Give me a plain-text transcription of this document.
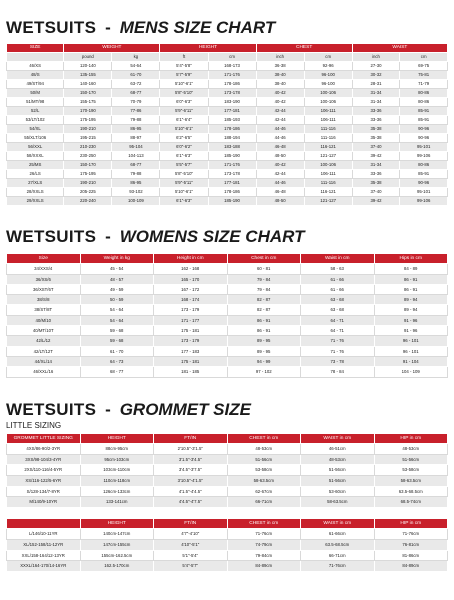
WETSUITS - MENS SIZE CHART
SIZE	WEIGHT		HEIGHT		CHEST		WAIST	
	pound	kg	ft	cm	inch	cm	inch	cm
46/XS	120-140	54-64	5'4"-5'8"	168-173	36-38	92-96	27-30	69-75
48/S	135-155	61-70	5'7"-5'9"	171-176	38-40	96-100	30-32	75-81
49/ST/94	140-160	63-72	5'10"-6'1"	178-186	38-40	96-100	28-31	71-79
50/M	150-170	68-77	5'8"-5'10"	173-178	40-42	100-106	31-34	80-86
51/MT/98	155-175	70-79	6'0"-6'3"	183-190	40-42	100-106	31-34	80-86
52/L	170-190	77-86	5'9"-6'11"	177-181	42-44	106-111	33-36	85-91
53/LT/102	175-195	79-88	6'1"-6'4"	185-193	42-44	106-111	33-36	85-91
54/XL	190-210	86-95	5'10"-6'1"	178-186	44-46	111-116	35-38	90-96
55/XLT/106	195-215	88-97	6'2"-6'5"	188-194	44-46	111-116	35-38	90-96
56/XXL	210-230	95-104	6'0"-6'2"	183-188	46-48	116-121	37-40	95-101
58/XXXL	230-250	104-113	6'1"-6'3"	185-190	48-50	121-127	39-42	99-106
25/MS	150-170	68-77	5'5"-5'7"	171-176	40-42	100-106	31-34	80-86
26/LS	175-195	79-88	5'8"-5'10"	173-178	42-44	106-111	33-36	85-91
27/XLS	190-210	86-95	5'9"-5'11"	177-181	44-46	111-116	35-38	90-96
28/XXLS	205-225	93-102	5'10"-6'1"	178-186	46-48	116-121	37-40	95-101
29/XXLS	220-240	100-109	6'1"-6'3"	185-190	48-50	121-127	39-42	99-106
WETSUITS - WOMENS SIZE CHART
Size	Weight in kg	Height in cm	Chest in cm	Waist in cm	Hips in cm
34/XXS/4	45 - 54	162 - 168	60 - 81	58 - 63	84 - 89
36/XS/6	48 - 57	165 - 170	79 - 84	61 - 66	86 - 91
36/XST/6T	49 - 59	167 - 172	79 - 84	61 - 66	86 - 91
38/S/8	50 - 59	168 - 174	82 - 87	63 - 68	89 - 94
38/ST/8T	54 - 64	173 - 179	82 - 87	63 - 68	89 - 94
40/M/10	54 - 64	171 - 177	86 - 91	64 - 71	91 - 96
40/MT/10T	59 - 68	175 - 181	86 - 91	64 - 71	91 - 96
42/L/12	59 - 68	173 - 179	89 - 95	71 - 76	96 - 101
42/LT/12T	61 - 70	177 - 183	89 - 95	71 - 76	96 - 101
44/XL/14	64 - 73	175 - 181	94 - 99	73 - 78	91 - 104
46/XXL/16	68 - 77	181 - 185	97 - 102	78 - 84	104 - 109
WETSUITS - GROMMET SIZE
LITTLE SIZING
GROMMET LITTLE SIZING	HEIGHT	FT/IN	CHEST in cm	WAIST in cm	HIP in cm
4XS/86-90/2-3YR	88cm-95cm	2'10.5"-3'1.5"	48-53cm	46-51cm	48-53cm
3XS/98-104/3-4YR	95cm-103cm	3'1.5"-3'4.5"	51-56cm	48-53cm	51-56cm
2XS/110-116/4-5YR	103cm-110cm	3'4.5"-3'7.5"	53-58cm	51-56cm	53-58cm
XS/116-122/5-6YR	110cm-118cm	3'10.5"-4'1.5"	58-63.5cm	51-56cm	58-63.5cm
S/128-134/7-8YR	126cm-133cm	4'1.5"-4'4.5"	62-67cm	53-60cm	63.5-68.5cm
M/140/9-10YR	133-141cm	4'4.5"-4'7.5"	66-71cm	58-63.5cm	68.5-74cm
	HEIGHT	FT/IN	CHEST in cm	WAIST in cm	HIP in cm
L/146/10-11YR	140cm-147cm	4'7"-4'10"	71-76cm	61-66cm	71-76cm
XL/152-158/11-12YR	147cm-155cm	4'10"-5'1"	74-79cm	63.5-68.5cm	76-81cm
XXL/158-164/12-13YR	155cm-162.5cm	5'1"-5'4"	79-84cm	66-71cm	81-86cm
XXXL/164-170/14-16YR	162.5-170cm	5'4"-5'7"	84-89cm	71-76cm	84-89cm
